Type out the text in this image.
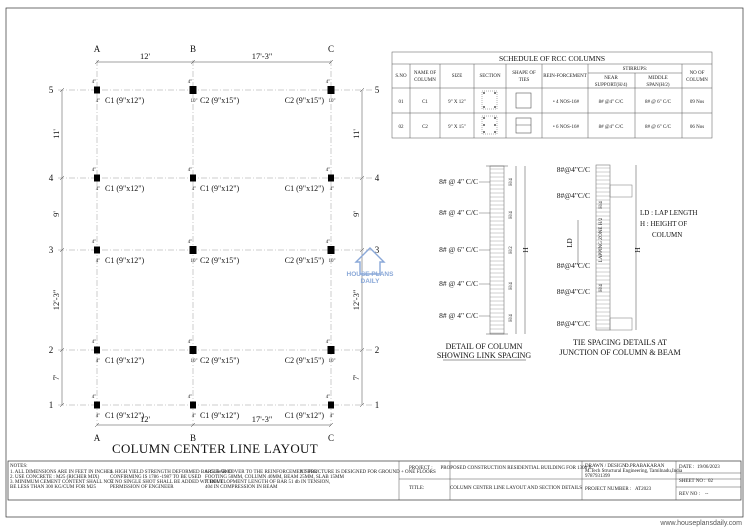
A
A
B
B
C
C
5	5
4	4
3	3
2	2
1	1
12'	17'-3"
12'	17'-3"
11'
9'
12'-3"
7'
11'
9'
12'-3"
7'
4"
4" C1 (9"x12")
4"
10" C2 (9"x15")
4"
10"
C2 (9"x15")
4"
4" C1 (9"x12")
4"
4" C1 (9"x12")
4"
4"
C1 (9"x12")
4"
4" C1 (9"x12")
4"
10" C2 (9"x15")
4"
10"
C2 (9"x15")
4"
4" C1 (9"x12")
4"
10" C2 (9"x15")
4"
10"
C2 (9"x15")
4"
4" C1 (9"x12")
4"
4" C1 (9"x12")
4"
4"
C1 (9"x12")
SCHEDULE OF RCC COLUMNS
S.NO
NAME OF
COLUMN
SIZE	SECTION
SHAPE OF
TIES
REIN-FORCEMENT
STIRRUPS:
NEAR
SUPPORT(H/4)
MIDDLE
SPAN(H/2)
NO OF
COLUMN
01	C1	9" X 12"	• 4 NOS-16#	8# @4" C/C	8# @ 6" C/C	09 Nos
02	C2	9" X 15"	• 6 NOS-16#	8# @4" C/C	8# @ 6" C/C	06 Nos
8# @ 4" C/C
8# @ 4" C/C
8# @ 6" C/C
8# @ 4" C/C
8# @ 4" C/C
H/4
H/4
H/2
H/4
H/4
H
DETAIL OF COLUMN
SHOWING LINK SPACING
8#@4"C/C
8#@4"C/C
8#@4"C/C
8#@4"C/C
8#@4"C/C
LAPPING ZONE H/2
H/4
H/4
LD
H
LD : LAP LENGTH
H : HEIGHT OF
COLUMN
TIE SPACING DETAILS AT
JUNCTION OF COLUMN & BEAM
NOTES:
1. ALL DIMENSIONS ARE IN FEET IN INCHES
2. USE CONCRETE : M25 (RICHER MIX)
3. MINIMUM CEMENT CONTENT SHALL NOT
BE LESS THAN 300 KG/CUM FOR M25
4. HIGH YIELD STRENGTH DEFORMED BARS Fe 500D
CONFIRMING IS 1786 -1987 TO BE USED
5. NO SINGLE SHOT SHALL BE ADDED WITHOUT
PERMISSION OF ENGINEER
6. CLEAR COVER TO THE REINFORCEMENT FOR
FOOTING 50MM, COLUMN 40MM, BEAM 25MM, SLAB 15MM
7. DEVELOPMENT LENGTH OF BAR 51 db IN TENSION,
40d IN COMPRESSION IN BEAM
8. STRUCTURE IS DESIGNED FOR GROUND + ONE FLOORS
PROJECT : PROPOSED CONSTRUCTION RESIDENTIAL BUILDING FOR 1300 ft
TITLE:	COLUMN CENTER LINE LAYOUT AND SECTION DETAILS
DRAWN / DESIGN :
D.PRABAKARAN
M.Tech Structural Engineering, Tamilnadu,India
9787931399
PROJECT NUMBER : AT2023
DATE : 19/06/2023
SHEET NO : 02
REV NO : --
COLUMN CENTER LINE LAYOUT
HOUSE PLANS
DAILY
www.houseplansdaily.com
